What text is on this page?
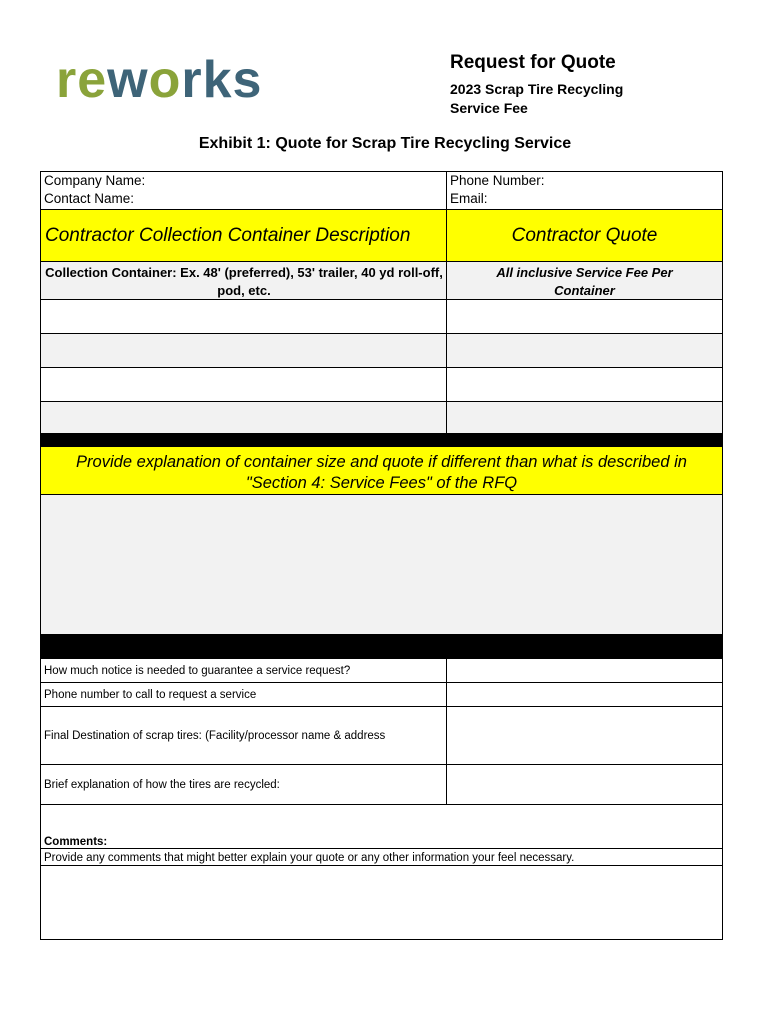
reworks	Request for Quote
2023 Scrap Tire Recycling Service Fee
Exhibit 1: Quote for Scrap Tire Recycling Service
Company Name:
Contact Name:
Phone Number:
Email:
Contractor Collection Container Description	Contractor Quote
Collection Container: Ex. 48' (preferred), 53' trailer, 40 yd roll-off, pod, etc.
All inclusive Service Fee Per Container
Provide explanation of container size and quote if different than what is described in "Section 4: Service Fees" of the RFQ
How much notice is needed to guarantee a service request?
Phone number to call to request a service
Final Destination of scrap tires: (Facility/processor name & address
Brief explanation of how the tires are recycled:
Comments:
Provide any comments that might better explain your quote or any other information your feel necessary.
